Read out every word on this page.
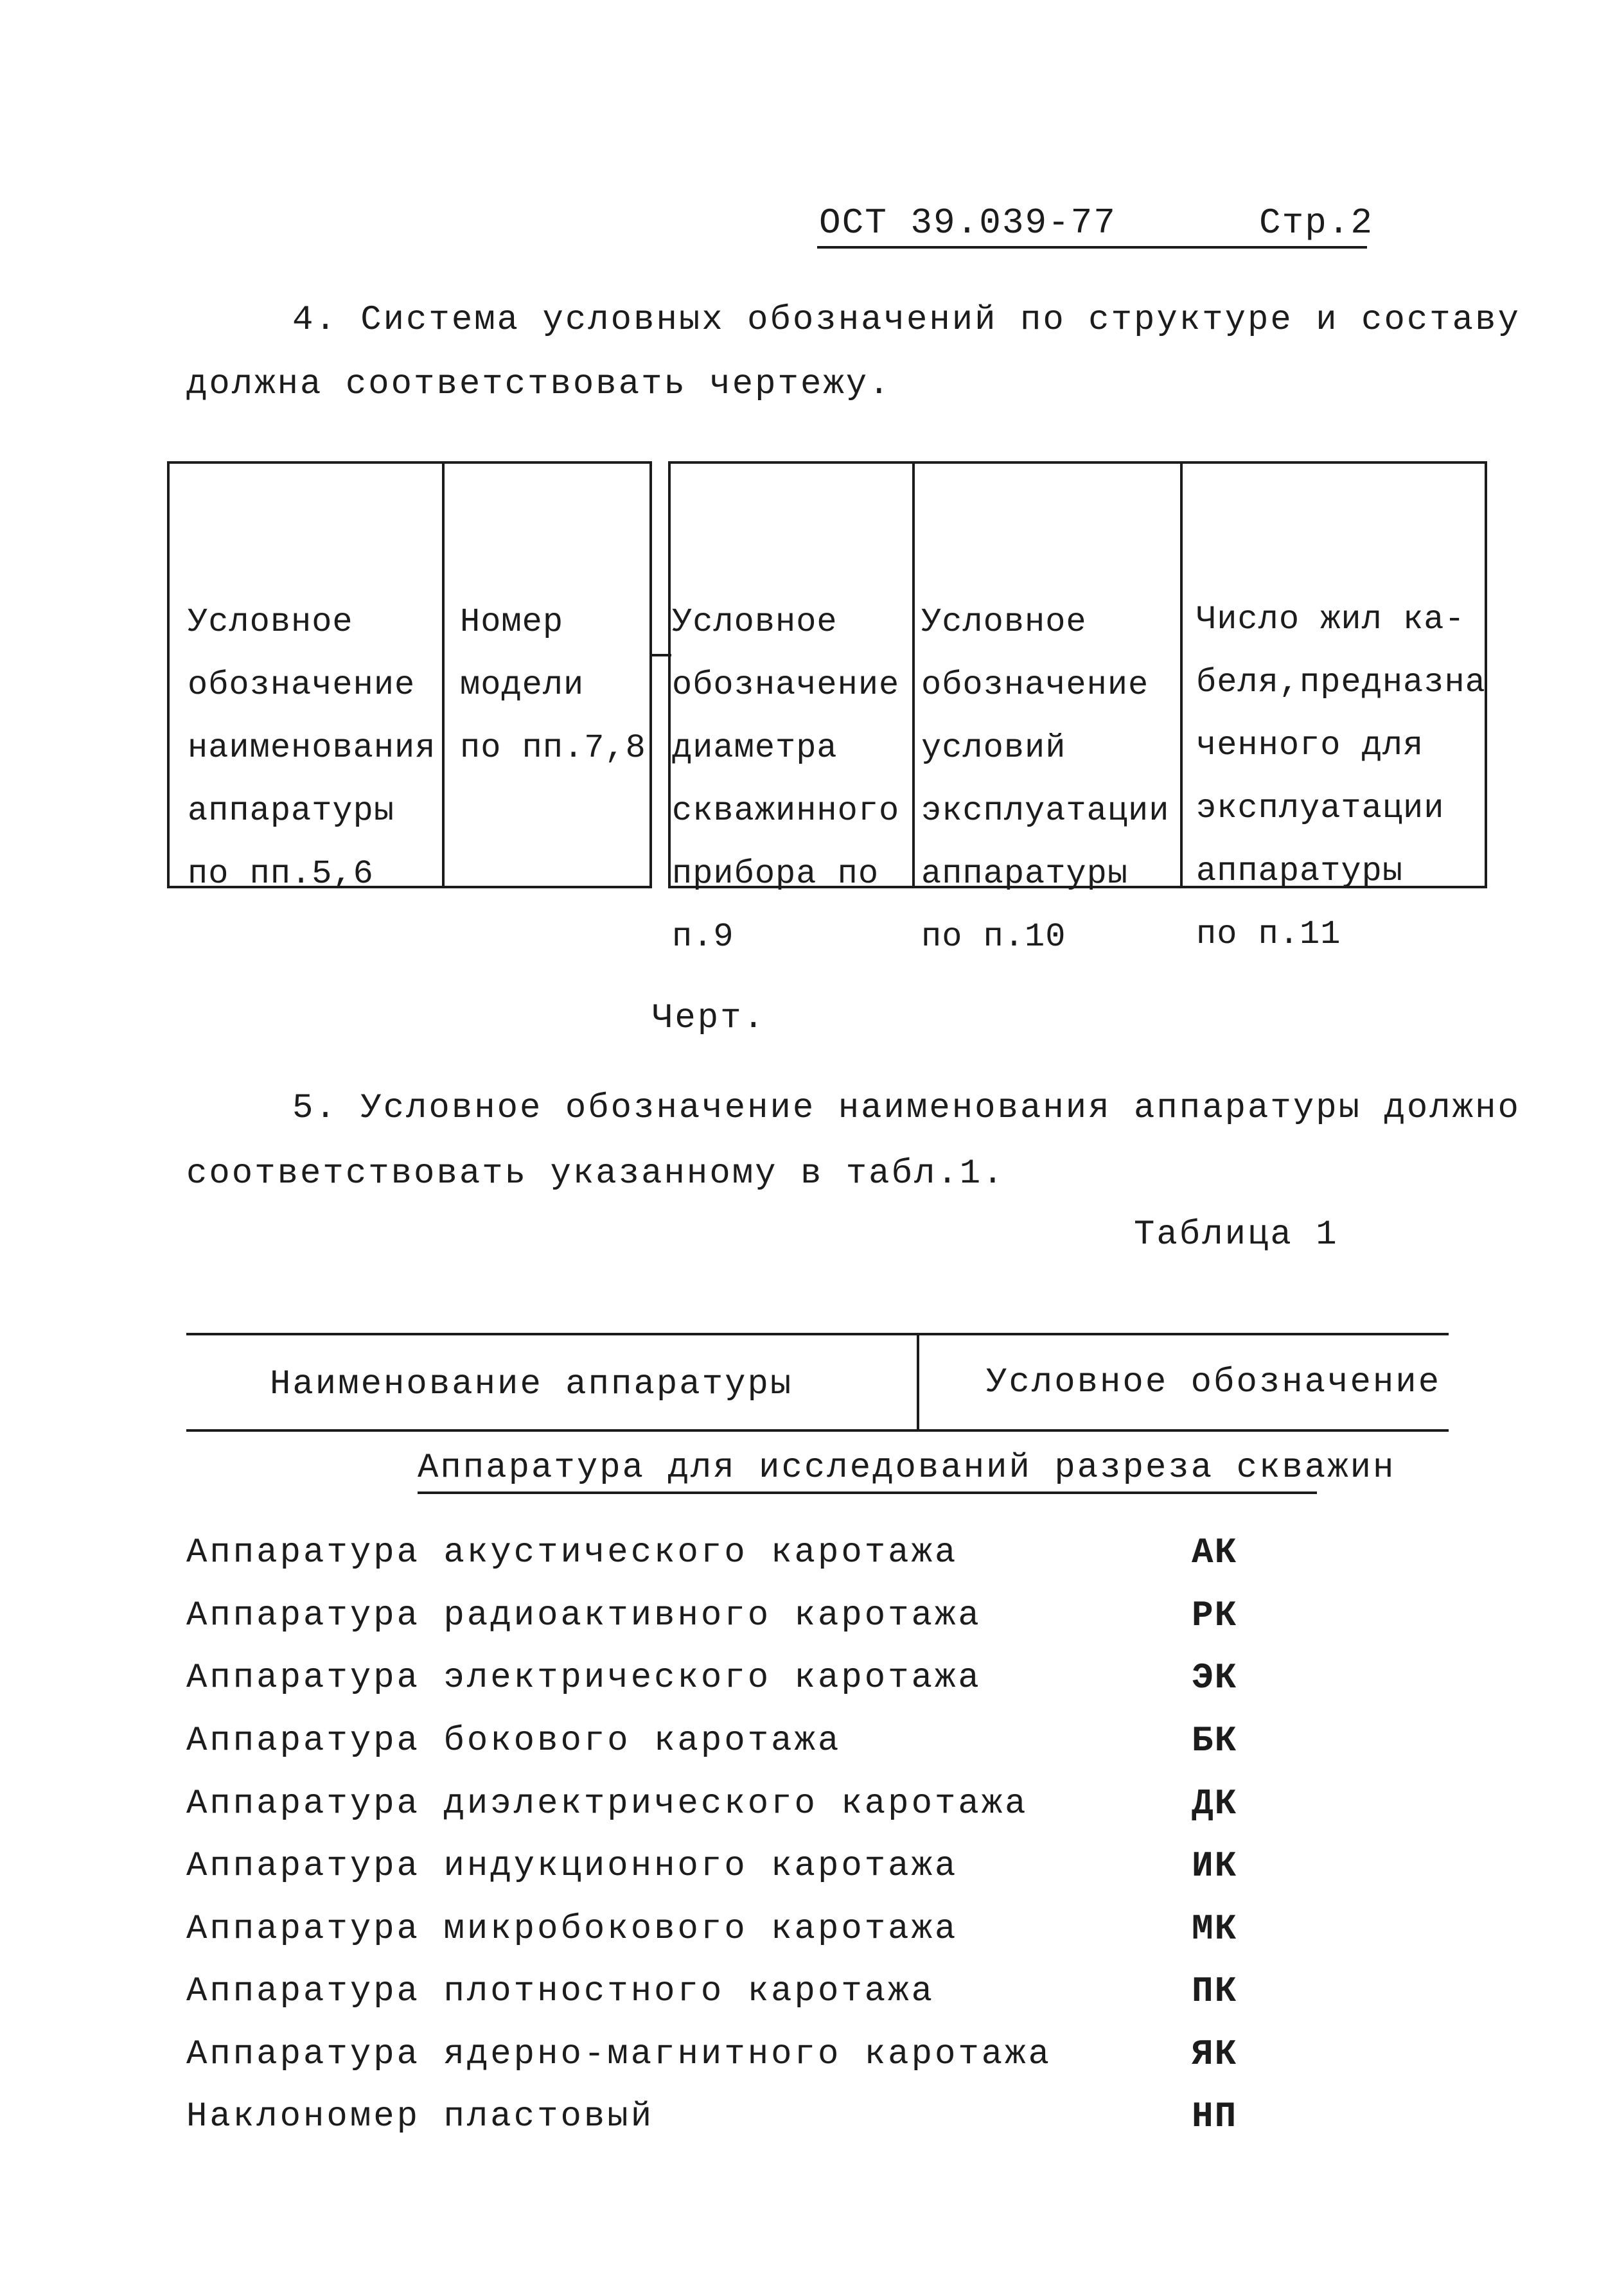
ОСТ 39.039-77	Стр.2
4. Система условных обозначений по структуре и составу
должна соответствовать чертежу.

Условное
обозначение
наименования
аппаратуры
по пп.5,6

Номер
модели
по пп.7,8

Условное
обозначение
диаметра
скважинного
прибора по
п.9

Условное
обозначение
условий
эксплуатации
аппаратуры
по п.10

Число жил ка-
беля,предназна
ченного для
эксплуатации
аппаратуры
по п.11

Черт.
5. Условное обозначение наименования аппаратуры должно
соответствовать указанному в табл.1.
Таблица 1
Наименование аппаратуры	Условное обозначение
Аппаратура для исследований разреза скважин
Аппаратура акустического каротажа	АК
Аппаратура радиоактивного каротажа	РК
Аппаратура электрического каротажа	ЭК
Аппаратура бокового каротажа	БК
Аппаратура диэлектрического каротажа	ДК
Аппаратура индукционного каротажа	ИК
Аппаратура микробокового каротажа	МК
Аппаратура плотностного каротажа	ПК
Аппаратура ядерно-магнитного каротажа	ЯК
Наклономер пластовый	НП
